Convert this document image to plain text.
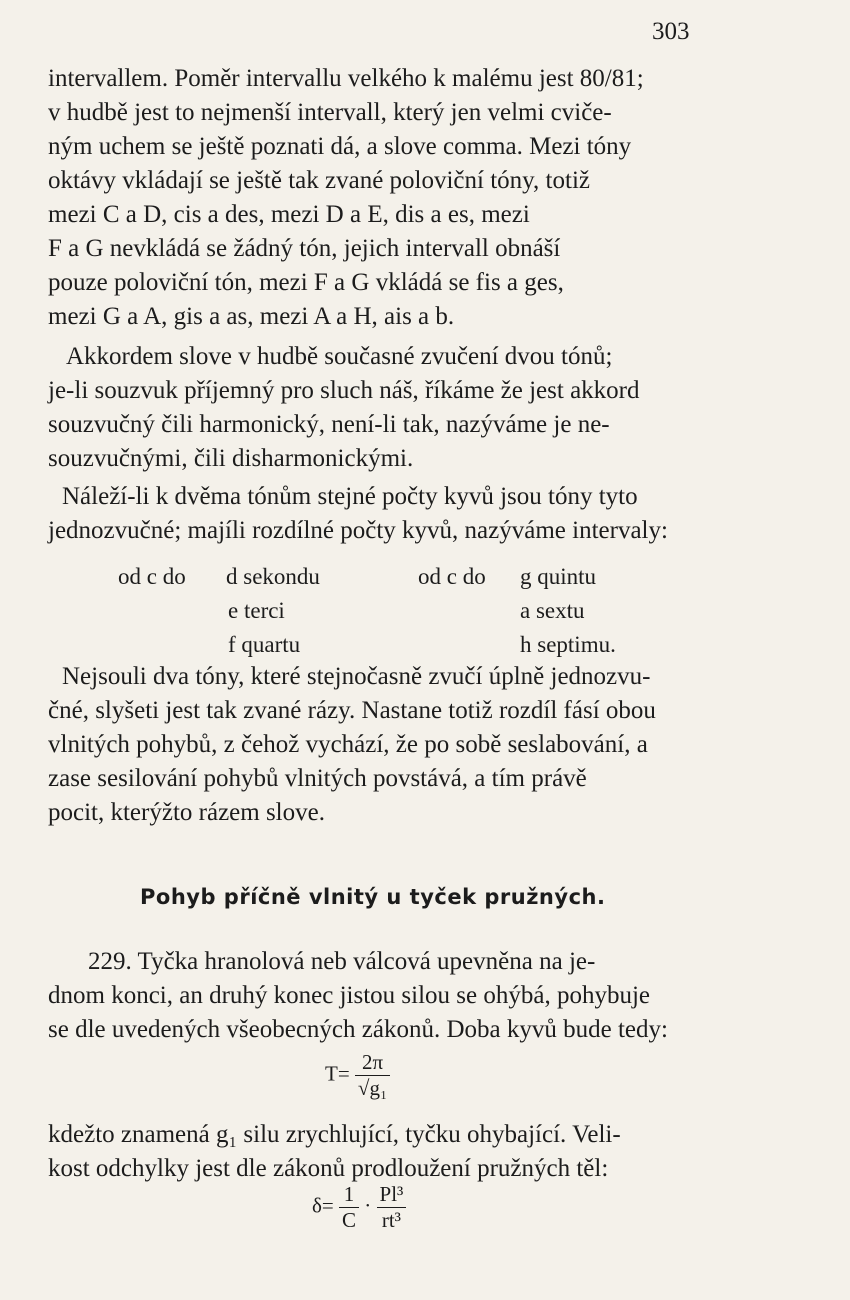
303
intervallem. Poměr intervallu velkého k malému jest 80/81;
v hudbě jest to nejmenší intervall, který jen velmi cviče-
ným uchem se ještě poznati dá, a slove comma. Mezi tóny
oktávy vkládají se ještě tak zvané poloviční tóny, totiž
mezi C a D, cis a des, mezi D a E, dis a es, mezi
F a G nevkládá se žádný tón, jejich intervall obnáší
pouze poloviční tón, mezi F a G vkládá se fis a ges,
mezi G a A, gis a as, mezi A a H, ais a b.
Akkordem slove v hudbě současné zvučení dvou tónů;
je-li souzvuk příjemný pro sluch náš, říkáme že jest akkord
souzvučný čili harmonický, není-li tak, nazýváme je ne-
souzvučnými, čili disharmonickými.
Náleží-li k dvěma tónům stejné počty kyvů jsou tóny tyto
jednozvučné; majíli rozdílné počty kyvů, nazýváme intervaly:
od c do d sekondu	od c do g quintu
e terci	a sextu
f quartu	h septimu.
Nejsouli dva tóny, které stejnočasně zvučí úplně jednozvu-
čné, slyšeti jest tak zvané rázy. Nastane totiž rozdíl fásí obou
vlnitých pohybů, z čehož vychází, že po sobě seslabování, a
zase sesilování pohybů vlnitých povstává, a tím právě
pocit, kterýžto rázem slove.
Pohyb příčně vlnitý u tyček pružných.
229. Tyčka hranolová neb válcová upevněna na je-
dnom konci, an druhý konec jistou silou se ohýbá, pohybuje
se dle uvedených všeobecných zákonů. Doba kyvů bude tedy:
$T= \frac{2\pi}{\text{√g₁}}$
kdežto znamená g₁ silu zrychlující, tyčku ohybající. Veli-
kost odchylky jest dle zákonů prodloužení pružných těl:
$\delta= \frac{1}{C} \cdot \frac{\text{Pl³}}{\text{rt³}}$
